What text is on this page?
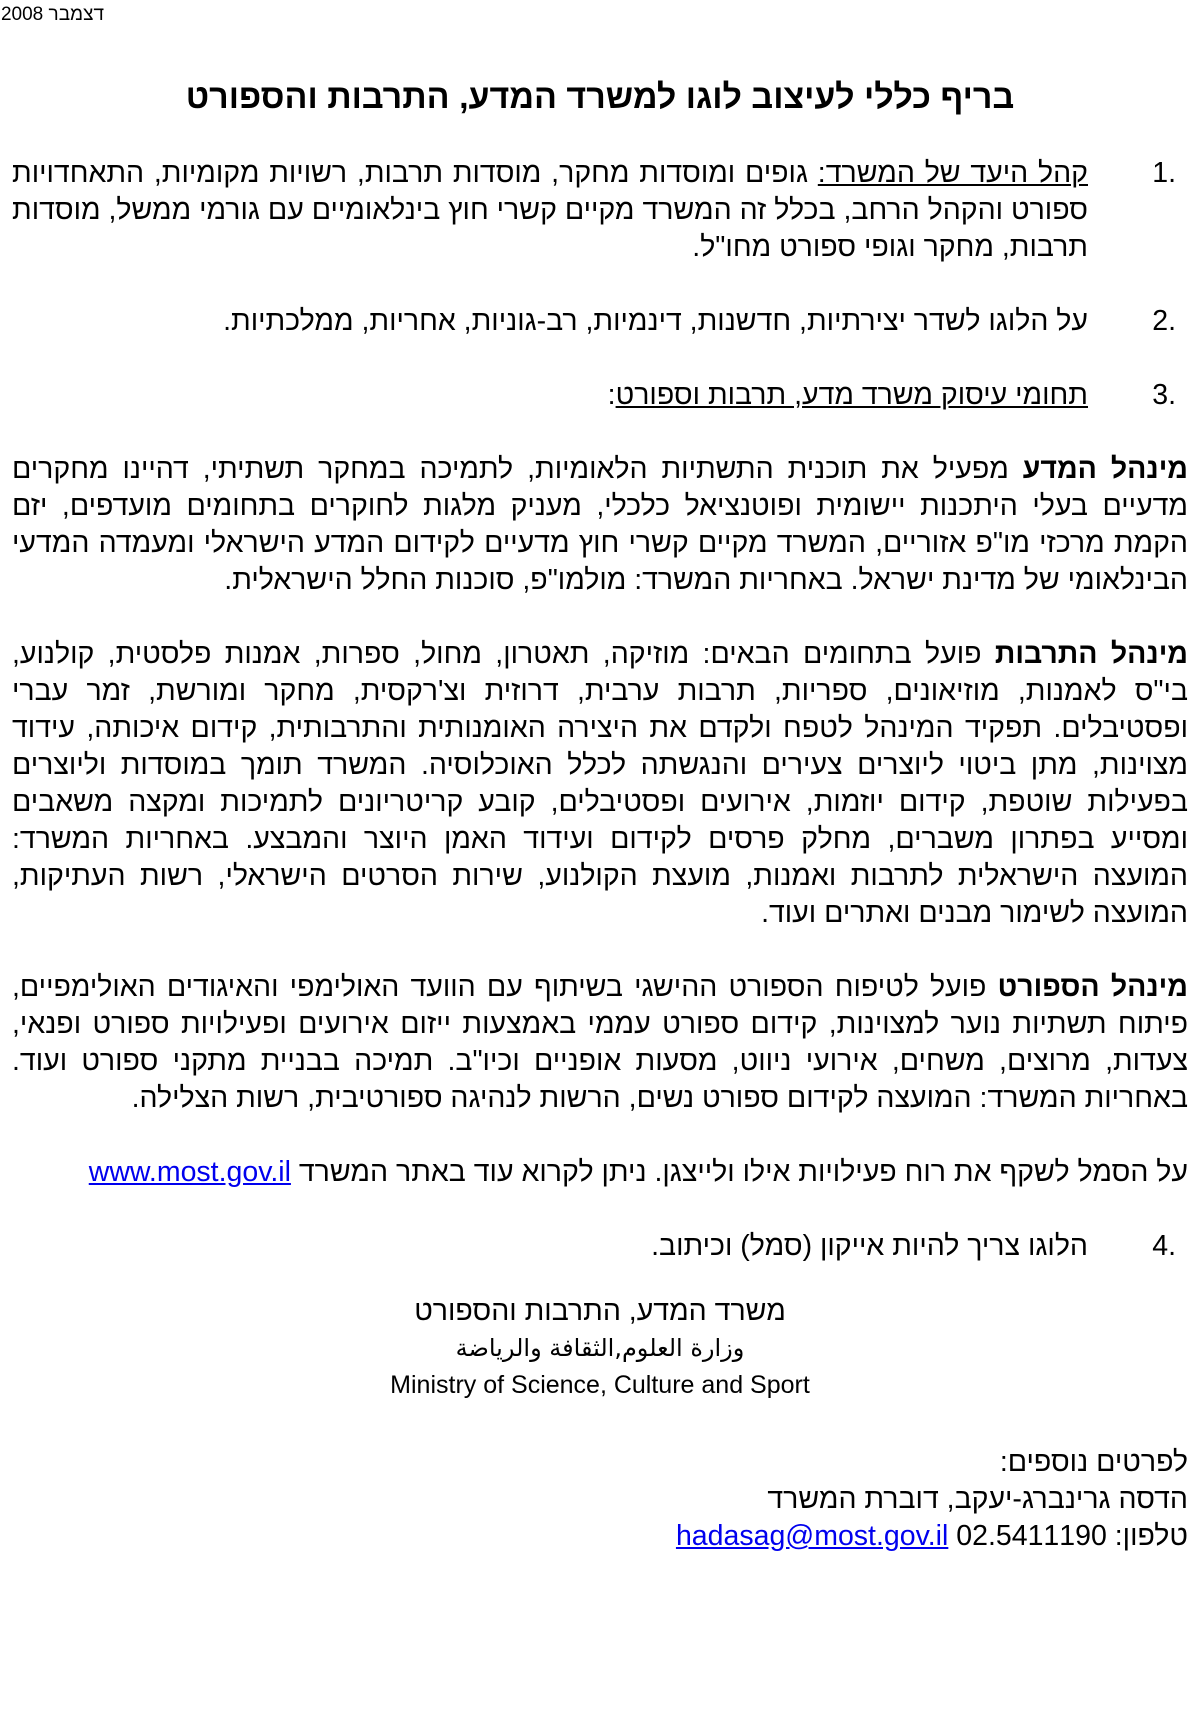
דצמבר 2008
בריף כללי לעיצוב לוגו למשרד המדע, התרבות והספורט
1.
קהל היעד של המשרד: גופים ומוסדות מחקר, מוסדות תרבות, רשויות מקומיות, התאחדויות ספורט והקהל הרחב, בכלל זה המשרד מקיים קשרי חוץ בינלאומיים עם גורמי ממשל, מוסדות תרבות, מחקר וגופי ספורט מחו"ל.
2.
על הלוגו לשדר יצירתיות, חדשנות, דינמיות, רב-גוניות, אחריות, ממלכתיות.
3.
תחומי עיסוק משרד מדע, תרבות וספורט:

מינהל המדע מפעיל את תוכנית התשתיות הלאומיות, לתמיכה במחקר תשתיתי, דהיינו מחקרים מדעיים בעלי היתכנות יישומית ופוטנציאל כלכלי, מעניק מלגות לחוקרים בתחומים מועדפים, יזם הקמת מרכזי מו"פ אזוריים, המשרד מקיים קשרי חוץ מדעיים לקידום המדע הישראלי ומעמדה המדעי הבינלאומי של מדינת ישראל. באחריות המשרד: מולמו"פ, סוכנות החלל הישראלית.

מינהל התרבות פועל בתחומים הבאים: מוזיקה, תאטרון, מחול, ספרות, אמנות פלסטית, קולנוע, בי"ס לאמנות, מוזיאונים, ספריות, תרבות ערבית, דרוזית וצ'רקסית, מחקר ומורשת, זמר עברי ופסטיבלים. תפקיד המינהל לטפח ולקדם את היצירה האומנותית והתרבותית, קידום איכותה, עידוד מצוינות, מתן ביטוי ליוצרים צעירים והנגשתה לכלל האוכלוסיה. המשרד תומך במוסדות וליוצרים בפעילות שוטפת, קידום יוזמות, אירועים ופסטיבלים, קובע קריטריונים לתמיכות ומקצה משאבים ומסייע בפתרון משברים, מחלק פרסים לקידום ועידוד האמן היוצר והמבצע. באחריות המשרד: המועצה הישראלית לתרבות ואמנות, מועצת הקולנוע, שירות הסרטים הישראלי, רשות העתיקות, המועצה לשימור מבנים ואתרים ועוד.

מינהל הספורט פועל לטיפוח הספורט ההישגי בשיתוף עם הוועד האולימפי והאיגודים האולימפיים, פיתוח תשתיות נוער למצוינות, קידום ספורט עממי באמצעות ייזום אירועים ופעילויות ספורט ופנאי, צעדות, מרוצים, משחים, אירועי ניווט, מסעות אופניים וכיו"ב. תמיכה בבניית מתקני ספורט ועוד. באחריות המשרד: המועצה לקידום ספורט נשים, הרשות לנהיגה ספורטיבית, רשות הצלילה.

על הסמל לשקף את רוח פעילויות אילו ולייצגן. ניתן לקרוא עוד באתר המשרד www.most.gov.il

4.
הלוגו צריך להיות אייקון (סמל) וכיתוב.
משרד המדע, התרבות והספורט
وزارة العلوم,الثقافة والرياضة
Ministry of Science, Culture and Sport
לפרטים נוספים:
הדסה גרינברג-יעקב, דוברת המשרד
טלפון: 02.5411190 hadasag@most.gov.il
